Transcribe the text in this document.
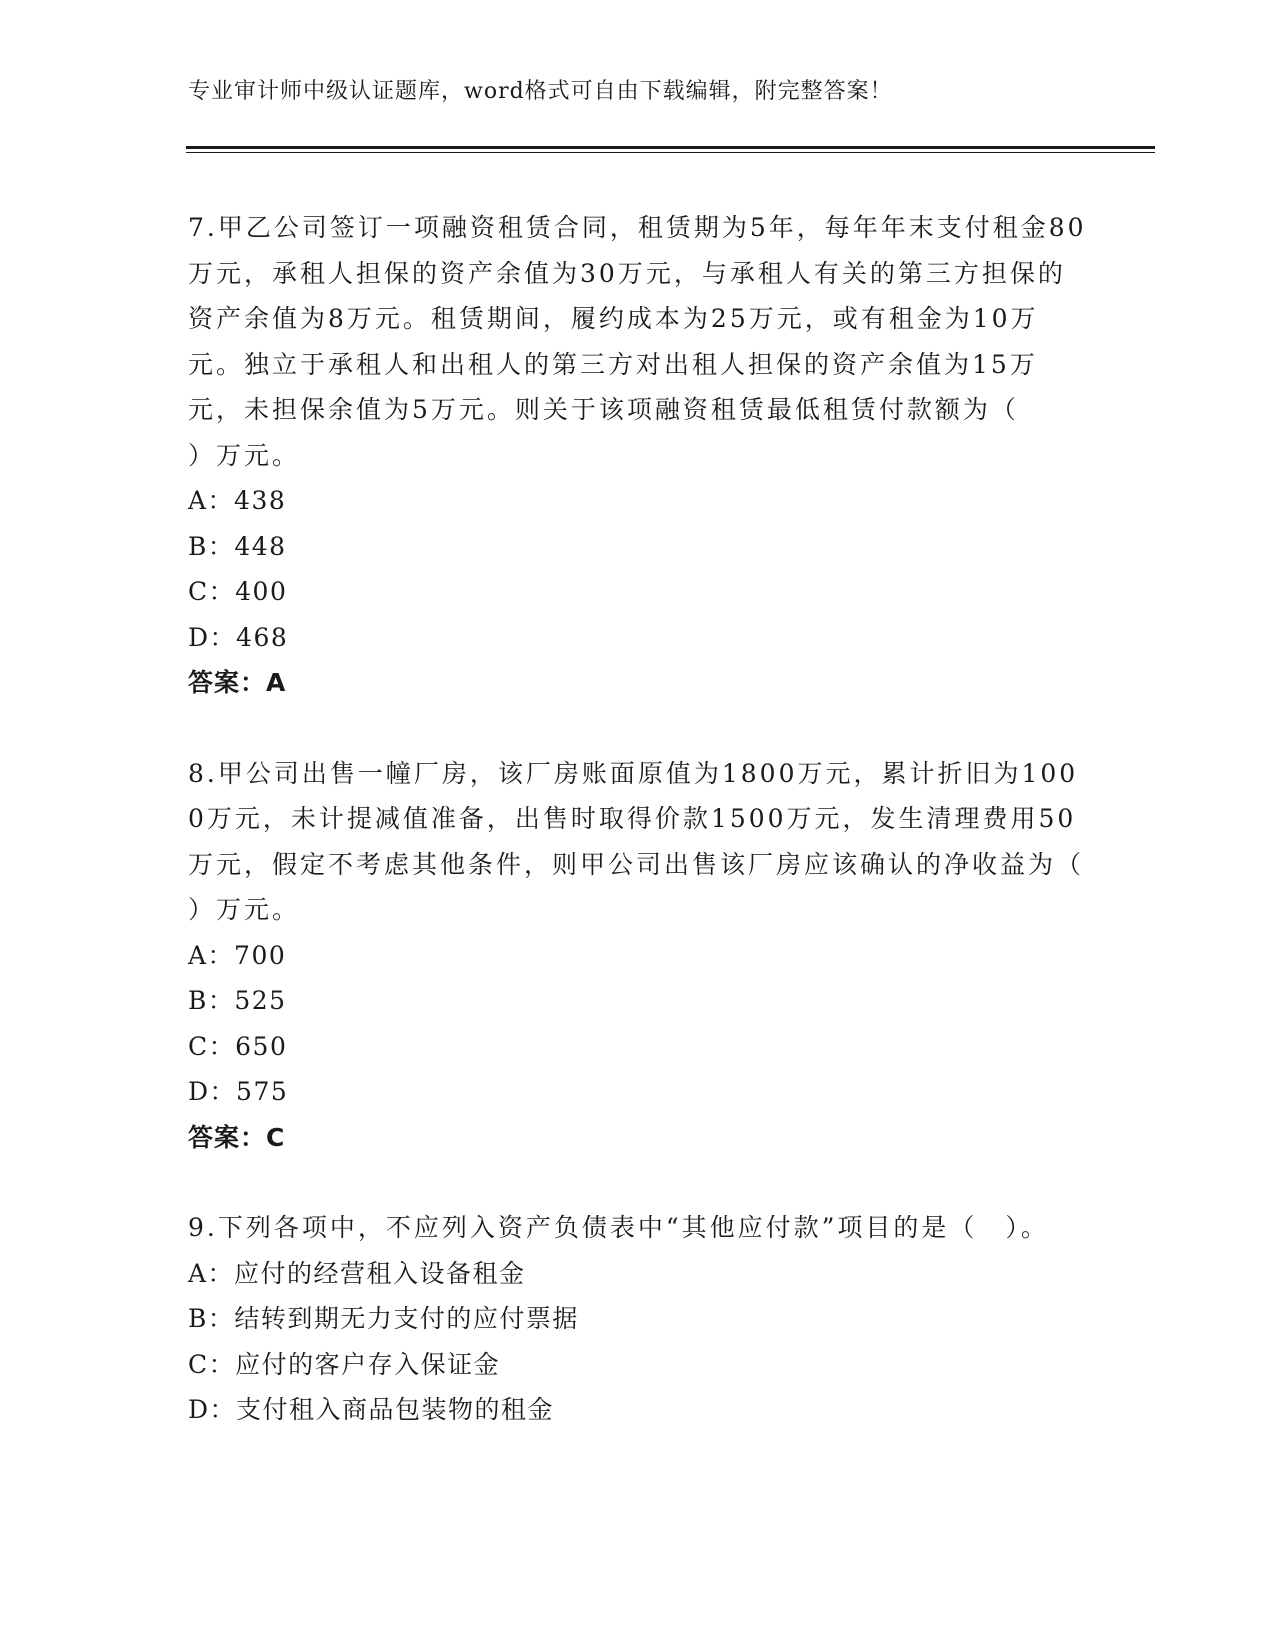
专业审计师中级认证题库，word格式可自由下载编辑，附完整答案！

7.甲乙公司签订一项融资租赁合同，租赁期为5年，每年年末支付租金80万元，承租人担保的资产余值为30万元，与承租人有关的第三方担保的资产余值为8万元。租赁期间，履约成本为25万元，或有租金为10万元。独立于承租人和出租人的第三方对出租人担保的资产余值为15万元，未担保余值为5万元。则关于该项融资租赁最低租赁付款额为（　　）万元。

A：438

B：448

C：400

D：468

答案：A

8.甲公司出售一幢厂房，该厂房账面原值为1800万元，累计折旧为1000万元，未计提减值准备，出售时取得价款1500万元，发生清理费用50万元，假定不考虑其他条件，则甲公司出售该厂房应该确认的净收益为（　　　）万元。

A：700

B：525

C：650

D：575

答案：C

9.下列各项中，不应列入资产负债表中“其他应付款”项目的是（　）。

A：应付的经营租入设备租金

B：结转到期无力支付的应付票据

C：应付的客户存入保证金

D：支付租入商品包装物的租金
